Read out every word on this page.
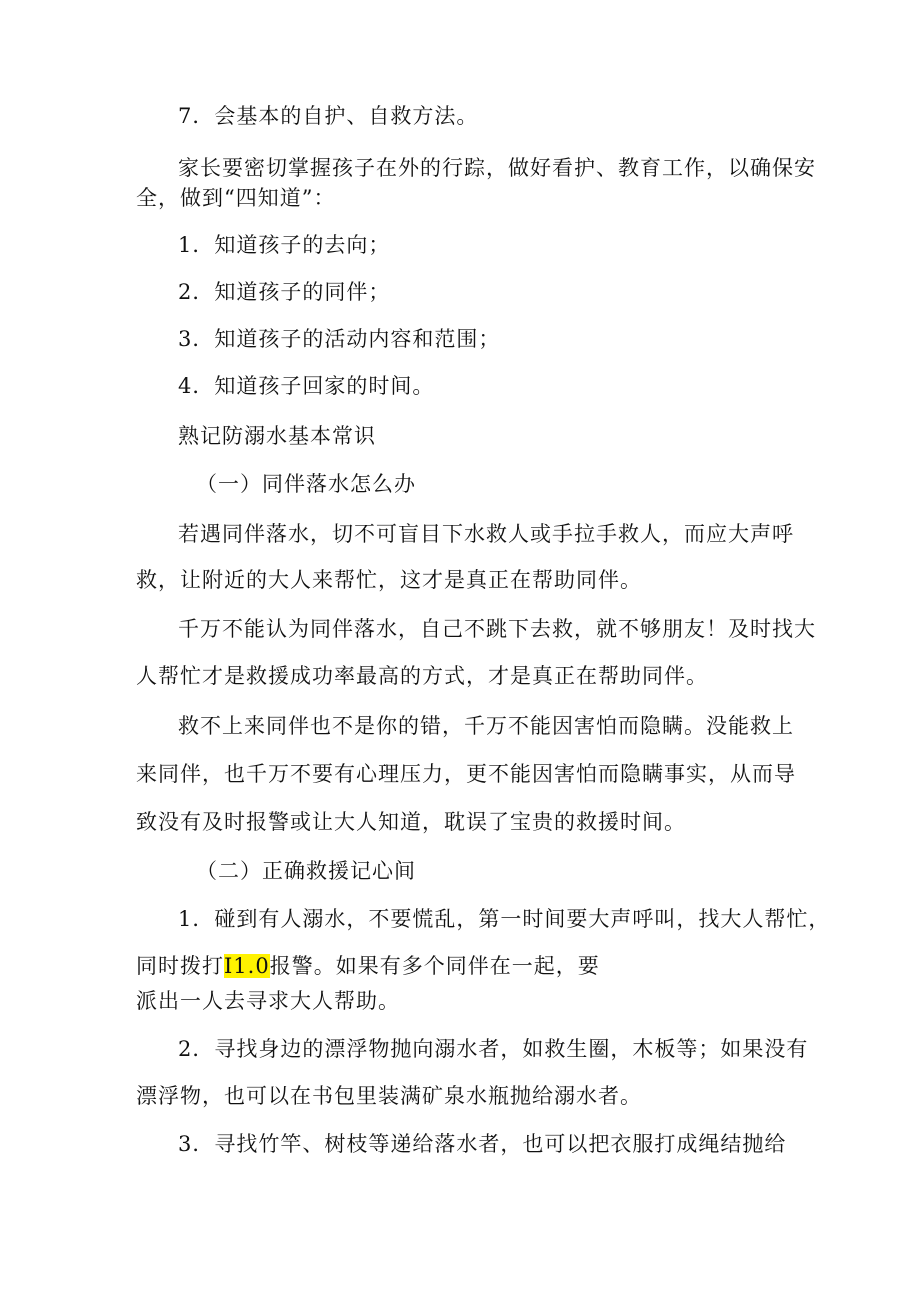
7．会基本的自护、自救方法。
家长要密切掌握孩子在外的行踪，做好看护、教育工作，以确保安
全，做到“四知道”：
1．知道孩子的去向；
2．知道孩子的同伴；
3．知道孩子的活动内容和范围；
4．知道孩子回家的时间。
熟记防溺水基本常识
（一）同伴落水怎么办
若遇同伴落水，切不可盲目下水救人或手拉手救人，而应大声呼
救，让附近的大人来帮忙，这才是真正在帮助同伴。
千万不能认为同伴落水，自己不跳下去救，就不够朋友！及时找大
人帮忙才是救援成功率最高的方式，才是真正在帮助同伴。
救不上来同伴也不是你的错，千万不能因害怕而隐瞒。没能救上
来同伴，也千万不要有心理压力，更不能因害怕而隐瞒事实，从而导
致没有及时报警或让大人知道，耽误了宝贵的救援时间。
（二）正确救援记心间
1．碰到有人溺水，不要慌乱，第一时间要大声呼叫，找大人帮忙，
同时拨打I1.0报警。如果有多个同伴在一起，要
派出一人去寻求大人帮助。
2．寻找身边的漂浮物抛向溺水者，如救生圈，木板等；如果没有
漂浮物，也可以在书包里装满矿泉水瓶抛给溺水者。
3．寻找竹竿、树枝等递给落水者，也可以把衣服打成绳结抛给
